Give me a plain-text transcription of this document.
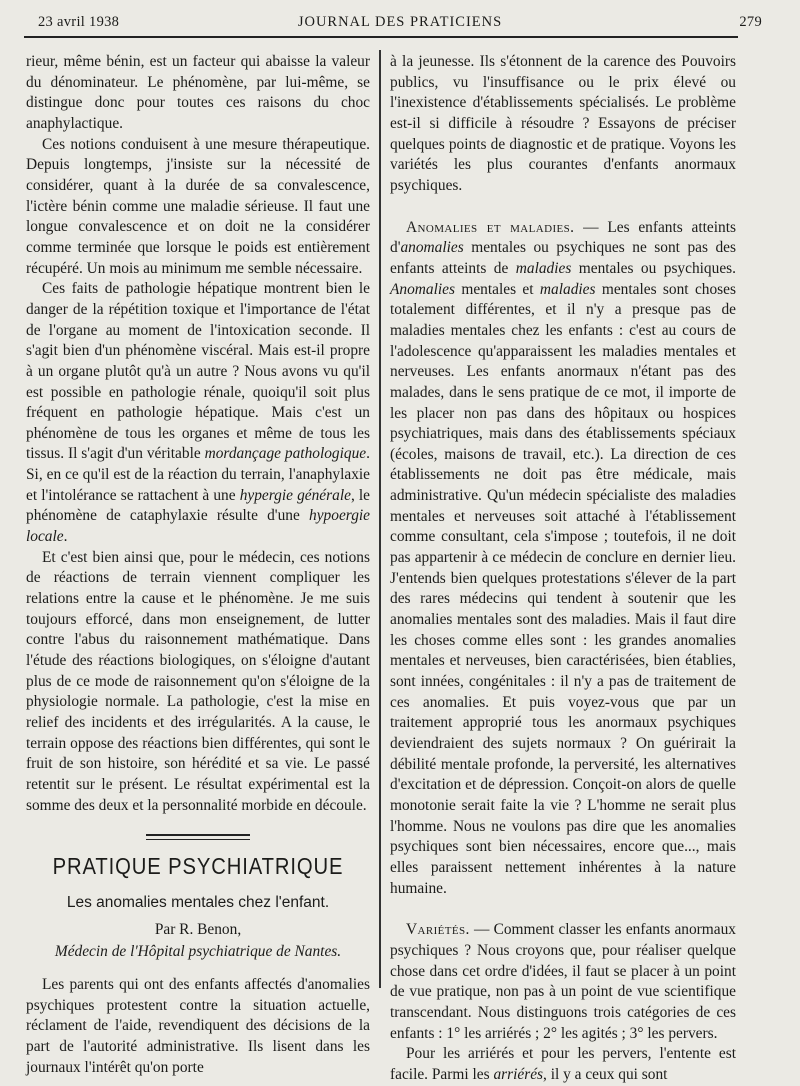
23 avril 1938	JOURNAL DES PRATICIENS	279

rieur, même bénin, est un facteur qui abaisse la valeur du dénominateur. Le phénomène, par lui-même, se distingue donc pour toutes ces raisons du choc anaphylactique.

Ces notions conduisent à une mesure thérapeutique. Depuis longtemps, j'insiste sur la nécessité de considérer, quant à la durée de sa convalescence, l'ictère bénin comme une maladie sérieuse. Il faut une longue convalescence et on doit ne la considérer comme terminée que lorsque le poids est entièrement récupéré. Un mois au minimum me semble nécessaire.

Ces faits de pathologie hépatique montrent bien le danger de la répétition toxique et l'importance de l'état de l'organe au moment de l'intoxication seconde. Il s'agit bien d'un phénomène viscéral. Mais est-il propre à un organe plutôt qu'à un autre ? Nous avons vu qu'il est possible en pathologie rénale, quoiqu'il soit plus fréquent en pathologie hépatique. Mais c'est un phénomène de tous les organes et même de tous les tissus. Il s'agit d'un véritable mordançage pathologique. Si, en ce qu'il est de la réaction du terrain, l'anaphylaxie et l'intolérance se rattachent à une hypergie générale, le phénomène de cataphylaxie résulte d'une hypoergie locale.

Et c'est bien ainsi que, pour le médecin, ces notions de réactions de terrain viennent compliquer les relations entre la cause et le phénomène. Je me suis toujours efforcé, dans mon enseignement, de lutter contre l'abus du raisonnement mathématique. Dans l'étude des réactions biologiques, on s'éloigne d'autant plus de ce mode de raisonnement qu'on s'éloigne de la physiologie normale. La pathologie, c'est la mise en relief des incidents et des irrégularités. A la cause, le terrain oppose des réactions bien différentes, qui sont le fruit de son histoire, son hérédité et sa vie. Le passé retentit sur le présent. Le résultat expérimental est la somme des deux et la personnalité morbide en découle.

PRATIQUE PSYCHIATRIQUE
Les anomalies mentales chez l'enfant.
Par R. Benon,
Médecin de l'Hôpital psychiatrique de Nantes.

Les parents qui ont des enfants affectés d'anomalies psychiques protestent contre la situation actuelle, réclament de l'aide, revendiquent des décisions de la part de l'autorité administrative. Ils lisent dans les journaux l'intérêt qu'on porte

à la jeunesse. Ils s'étonnent de la carence des Pouvoirs publics, vu l'insuffisance ou le prix élevé ou l'inexistence d'établissements spécialisés. Le problème est-il si difficile à résoudre ? Essayons de préciser quelques points de diagnostic et de pratique. Voyons les variétés les plus courantes d'enfants anormaux psychiques.

Anomalies et maladies. — Les enfants atteints d'anomalies mentales ou psychiques ne sont pas des enfants atteints de maladies mentales ou psychiques. Anomalies mentales et maladies mentales sont choses totalement différentes, et il n'y a presque pas de maladies mentales chez les enfants : c'est au cours de l'adolescence qu'apparaissent les maladies mentales et nerveuses. Les enfants anormaux n'étant pas des malades, dans le sens pratique de ce mot, il importe de les placer non pas dans des hôpitaux ou hospices psychiatriques, mais dans des établissements spéciaux (écoles, maisons de travail, etc.). La direction de ces établissements ne doit pas être médicale, mais administrative. Qu'un médecin spécialiste des maladies mentales et nerveuses soit attaché à l'établissement comme consultant, cela s'impose ; toutefois, il ne doit pas appartenir à ce médecin de conclure en dernier lieu. J'entends bien quelques protestations s'élever de la part des rares médecins qui tendent à soutenir que les anomalies mentales sont des maladies. Mais il faut dire les choses comme elles sont : les grandes anomalies mentales et nerveuses, bien caractérisées, bien établies, sont innées, congénitales : il n'y a pas de traitement de ces anomalies. Et puis voyez-vous que par un traitement approprié tous les anormaux psychiques deviendraient des sujets normaux ? On guérirait la débilité mentale profonde, la perversité, les alternatives d'excitation et de dépression. Conçoit-on alors de quelle monotonie serait faite la vie ? L'homme ne serait plus l'homme. Nous ne voulons pas dire que les anomalies psychiques sont bien nécessaires, encore que..., mais elles paraissent nettement inhérentes à la nature humaine.

Variétés. — Comment classer les enfants anormaux psychiques ? Nous croyons que, pour réaliser quelque chose dans cet ordre d'idées, il faut se placer à un point de vue pratique, non pas à un point de vue scientifique transcendant. Nous distinguons trois catégories de ces enfants : 1° les arriérés ; 2° les agités ; 3° les pervers.

Pour les arriérés et pour les pervers, l'entente est facile. Parmi les arriérés, il y a ceux qui sont
